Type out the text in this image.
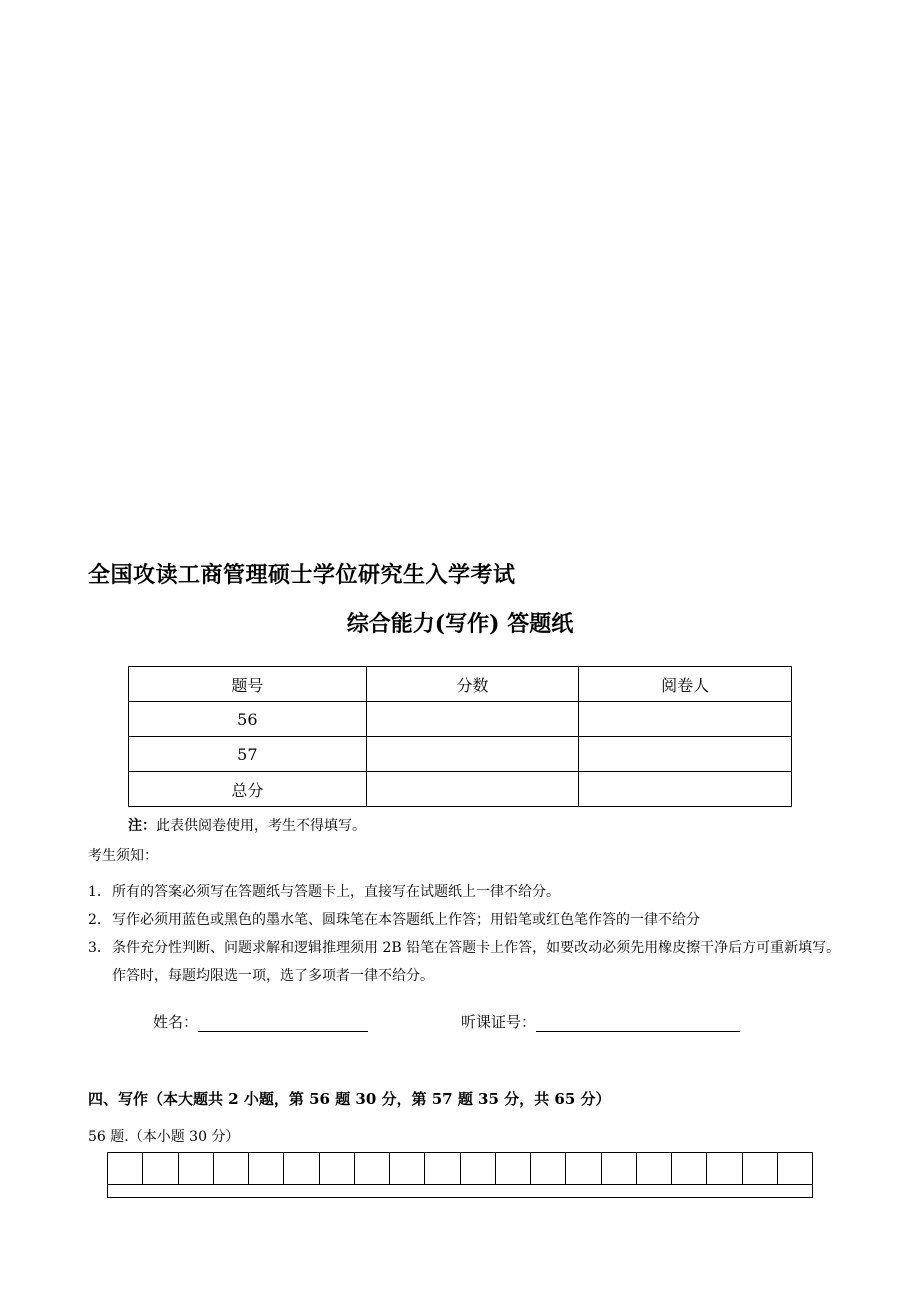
全国攻读工商管理硕士学位研究生入学考试
综合能力(写作) 答题纸
题号	分数	阅卷人
56		
57		
总分		
注：此表供阅卷使用，考生不得填写。
考生须知：
1． 所有的答案必须写在答题纸与答题卡上，直接写在试题纸上一律不给分。
2． 写作必须用蓝色或黑色的墨水笔、圆珠笔在本答题纸上作答；用铅笔或红色笔作答的一律不给分
3． 条件充分性判断、问题求解和逻辑推理须用 2B 铅笔在答题卡上作答，如要改动必须先用橡皮擦干净后方可重新填写。作答时，每题均限选一项，选了多项者一律不给分。
姓名：	听课证号：
四、写作（本大题共 2 小题，第 56 题 30 分，第 57 题 35 分，共 65 分）
56 题.（本小题 30 分）
